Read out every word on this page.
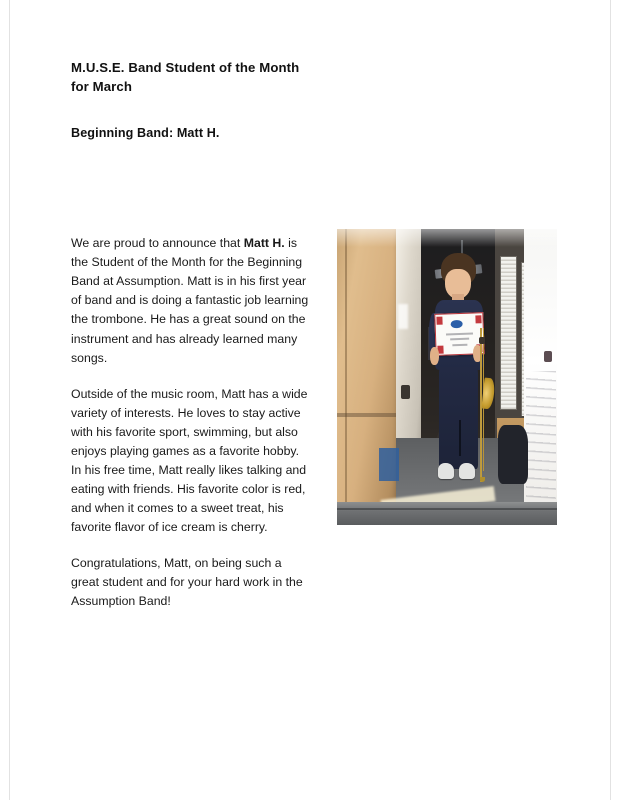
M.U.S.E. Band Student of the Month for March
Beginning Band: Matt H.

We are proud to announce that Matt H. is the Student of the Month for the Beginning Band at Assumption. Matt is in his first year of band and is doing a fantastic job learning the trombone. He has a great sound on the instrument and has already learned many songs.

Outside of the music room, Matt has a wide variety of interests. He loves to stay active with his favorite sport, swimming, but also enjoys playing games as a favorite hobby. In his free time, Matt really likes talking and eating with friends. His favorite color is red, and when it comes to a sweet treat, his favorite flavor of ice cream is cherry.

Congratulations, Matt, on being such a great student and for your hard work in the Assumption Band!
